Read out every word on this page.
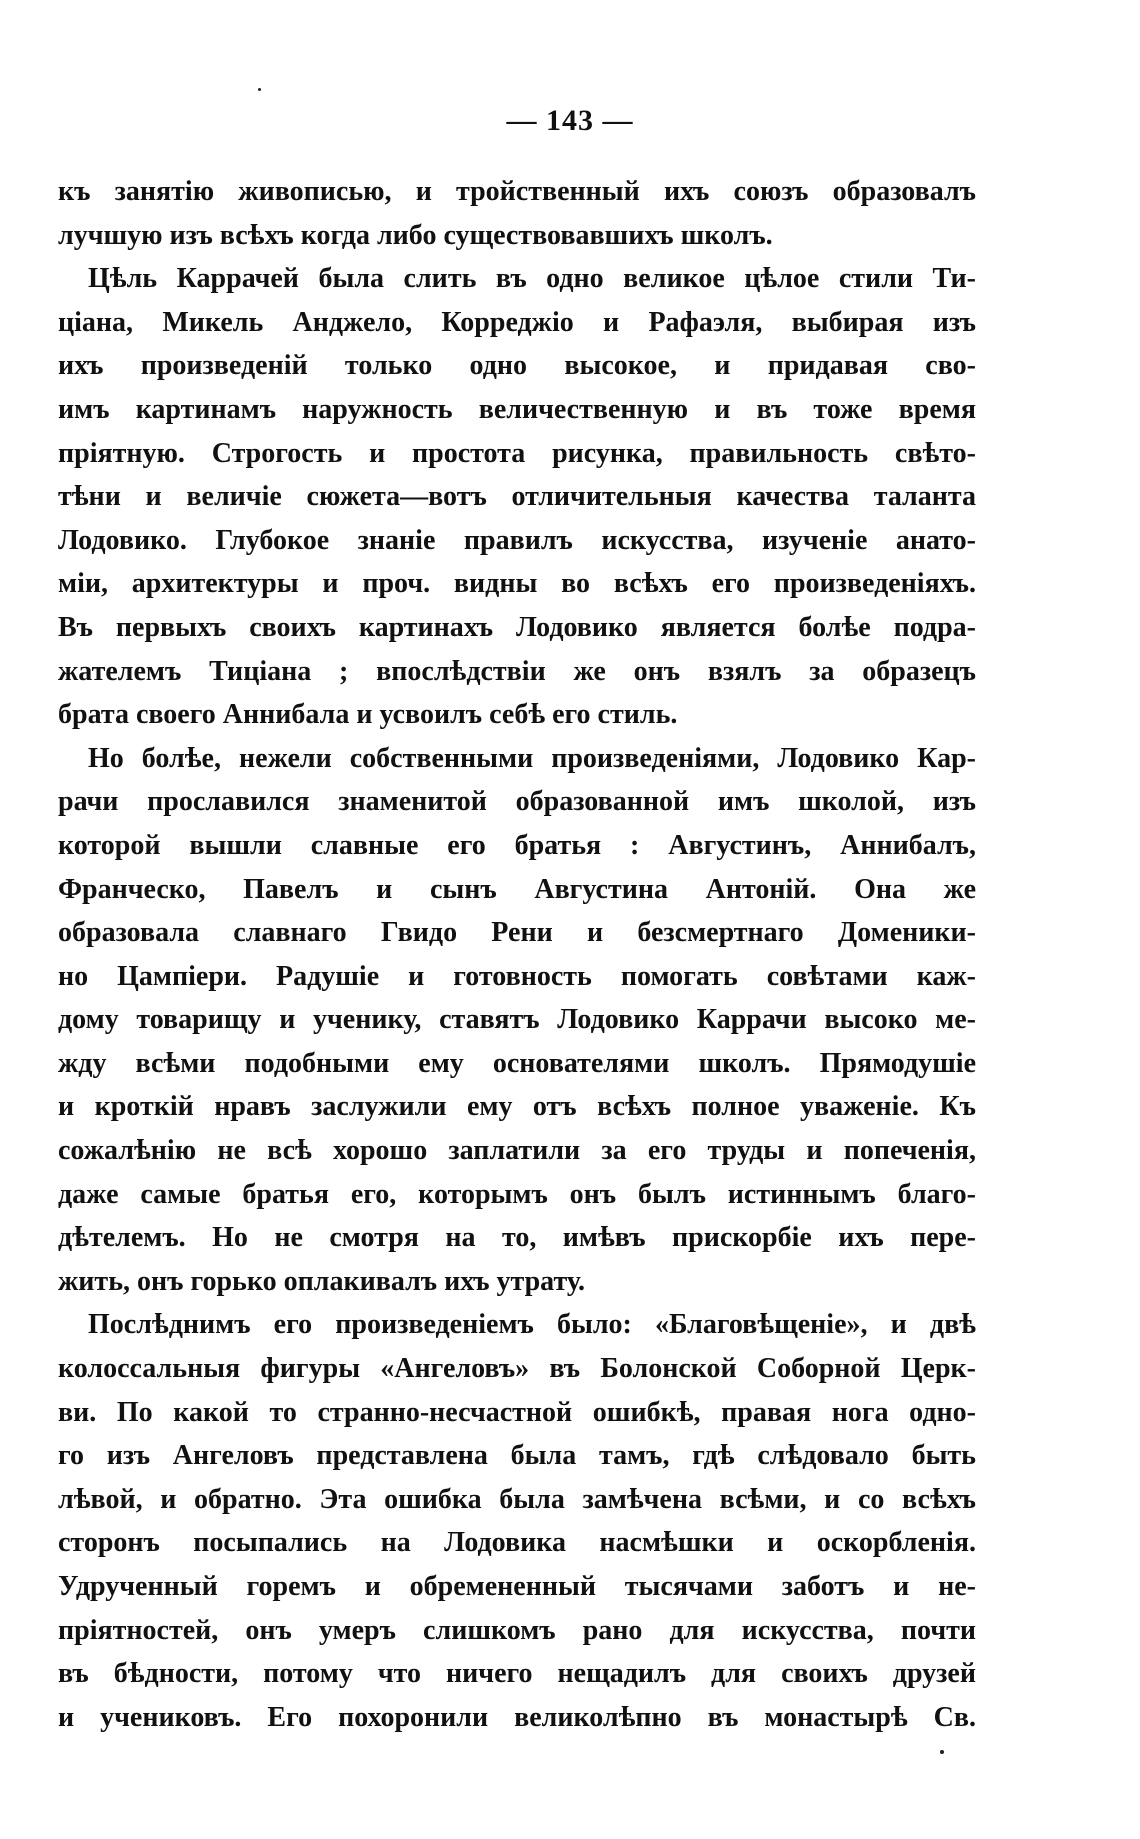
— 143 —
къ занятію живописью, и тройственный ихъ союзъ образовалъ
лучшую изъ всѣхъ когда либо существовавшихъ школъ.
Цѣль Каррачей была слить въ одно великое цѣлое стили Ти-
ціана, Микель Анджело, Корреджіо и Рафаэля, выбирая изъ
ихъ произведеній только одно высокое, и придавая сво-
имъ картинамъ наружность величественную и въ тоже время
пріятную. Строгость и простота рисунка, правильность свѣто-
тѣни и величіе сюжета—вотъ отличительныя качества таланта
Лодовико. Глубокое знаніе правилъ искусства, изученіе анато-
міи, архитектуры и проч. видны во всѣхъ его произведеніяхъ.
Въ первыхъ своихъ картинахъ Лодовико является болѣе подра-
жателемъ Тиціана ; впослѣдствіи же онъ взялъ за образецъ
брата своего Аннибала и усвоилъ себѣ его стиль.
Но болѣе, нежели собственными произведеніями, Лодовико Кар-
рачи прославился знаменитой образованной имъ школой, изъ
которой вышли славные его братья : Августинъ, Аннибалъ,
Франческо, Павелъ и сынъ Августина Антоній. Она же
образовала славнаго Гвидо Рени и безсмертнаго Доменики-
но Цампіери. Радушіе и готовность помогать совѣтами каж-
дому товарищу и ученику, ставятъ Лодовико Каррачи высоко ме-
жду всѣми подобными ему основателями школъ. Прямодушіе
и кроткій нравъ заслужили ему отъ всѣхъ полное уваженіе. Къ
сожалѣнію не всѣ хорошо заплатили за его труды и попеченія,
даже самые братья его, которымъ онъ былъ истиннымъ благо-
дѣтелемъ. Но не смотря на то, имѣвъ прискорбіе ихъ пере-
жить, онъ горько оплакивалъ ихъ утрату.
Послѣднимъ его произведеніемъ было: «Благовѣщеніе», и двѣ
колоссальныя фигуры «Ангеловъ» въ Болонской Соборной Церк-
ви. По какой то странно-несчастной ошибкѣ, правая нога одно-
го изъ Ангеловъ представлена была тамъ, гдѣ слѣдовало быть
лѣвой, и обратно. Эта ошибка была замѣчена всѣми, и со всѣхъ
сторонъ посыпались на Лодовика насмѣшки и оскорбленія.
Удрученный горемъ и обремененный тысячами заботъ и не-
пріятностей, онъ умеръ слишкомъ рано для искусства, почти
въ бѣдности, потому что ничего нещадилъ для своихъ друзей
и учениковъ. Его похоронили великолѣпно въ монастырѣ Св.
